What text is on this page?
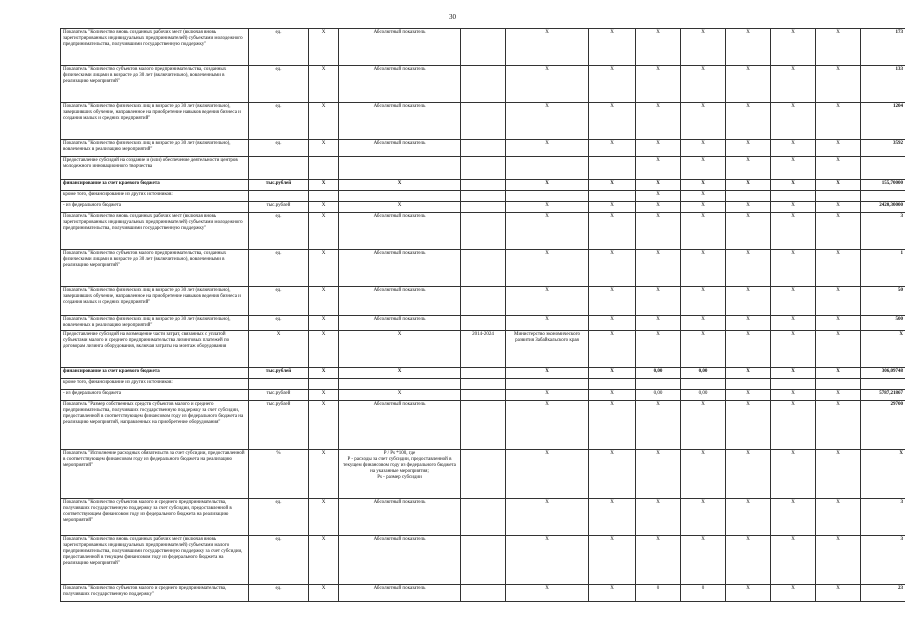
30
Показатель "Количество вновь созданных рабочих мест (включая вновь зарегистрированных индивидуальных предпринимателей) субъектами молодежного предпринимательства, получившими государственную поддержку"	ед.	X	Абсолютный показатель		X	X	X	X	X	X	X	173
Показатель "Количество субъектов малого предпринимательства, созданных физическими лицами в возрасте до 30 лет (включительно), вовлеченными в реализацию мероприятий"	ед.	X	Абсолютный показатель		X	X	X	X	X	X	X	133
Показатель "Количество физических лиц в возрасте до 30 лет (включительно), завершивших обучение, направленное на приобретение навыков ведения бизнеса и создания малых и средних предприятий"	ед.	X	Абсолютный показатель		X	X	X	X	X	X	X	1204
Показатель "Количество физических лиц в возрасте до 30 лет (включительно), вовлеченных в реализацию мероприятий"	ед.	X	Абсолютный показатель		X	X	X	X	X	X	X	3592
Предоставление субсидий на создание и (или) обеспечение деятельности центров молодежного инновационного творчества							X	X	X	X	X	
финансирование за счет краевого бюджета	тыс.рублей	X	X		X	X	X	X	X	X	X	155,70000
кроме того, финансирование из других источников:							X	X				
- из федерального бюджета	тыс.рублей	X	X		X	X	X	X	X	X	X	2420,30000
Показатель "Количество вновь созданных рабочих мест (включая вновь зарегистрированных индивидуальных предпринимателей) субъектами молодежного предпринимательства, получившими государственную поддержку"	ед.	X	Абсолютный показатель		X	X	X	X	X	X	X	3
Показатель "Количество субъектов малого предпринимательства, созданных физическими лицами в возрасте до 30 лет (включительно), вовлеченными в реализацию мероприятий"	ед.	X	Абсолютный показатель		X	X	X	X	X	X	X	1
Показатель "Количество физических лиц в возрасте до 30 лет (включительно), завершивших обучение, направленное на приобретение навыков ведения бизнеса и создания малых и средних предприятий"	ед.	X	Абсолютный показатель		X	X	X	X	X	X	X	50
Показатель "Количество физических лиц в возрасте до 30 лет (включительно), вовлеченных в реализацию мероприятий"	ед.	X	Абсолютный показатель		X	X	X	X	X	X	X	500
Предоставление субсидий на возмещение части затрат, связанных с уплатой субъектами малого и среднего предпринимательства лизинговых платежей по договорам лизинга оборудования, включая затраты на монтаж оборудования	X	X	X	2014-2024	Министерство экономического развития Забайкальского края	X	X	X	X	X	X	X
финансирование за счет краевого бюджета	тыс.рублей	X	X		X	X	0,00	0,00	X	X	X	306,09748
кроме того, финансирование из других источников:												
- из федерального бюджета	тыс.рублей	X	X		X	X	0,00	0,00	X	X	X	5787,21867
Показатель "Размер собственных средств субъектов малого и среднего предпринимательства, получивших государственную поддержку за счет субсидии, предоставленной в соответствующем финансовом году из федерального бюджета на реализацию мероприятий, направленных на приобретение оборудования"	тыс.рублей	X	Абсолютный показатель		X	X	X	X	X	X	X	29700
Показатель "Исполнение расходных обязательств за счет субсидии, предоставленной в соответствующем финансовом году из федерального бюджета на реализацию мероприятий"	%	X	P / Ps *100, где
P - расходы за счет субсидии, предоставленной в текущем финансовом году из федерального бюджета на указанные мероприятия;
Ps - размер субсидии		X	X	X	X	X	X	X	X
Показатель "Количество субъектов малого и среднего предпринимательства, получивших государственную поддержку за счет субсидии, предоставленной в соответствующем финансовом году из федерального бюджета на реализацию мероприятий"	ед.	X	Абсолютный показатель		X	X	X	X	X	X	X	3
Показатель "Количество вновь созданных рабочих мест (включая вновь зарегистрированных индивидуальных предпринимателей) субъектами малого предпринимательства, получившими государственную поддержку за счет субсидии, предоставленной в текущем финансовом году из федерального бюджета на реализацию мероприятий"	ед.	X	Абсолютный показатель		X	X	X	X	X	X	X	3
Показатель "Количество субъектов малого и среднего предпринимательства, получивших государственную поддержку"	ед.	X	Абсолютный показатель		X	X	0	0	X	X	X	23
